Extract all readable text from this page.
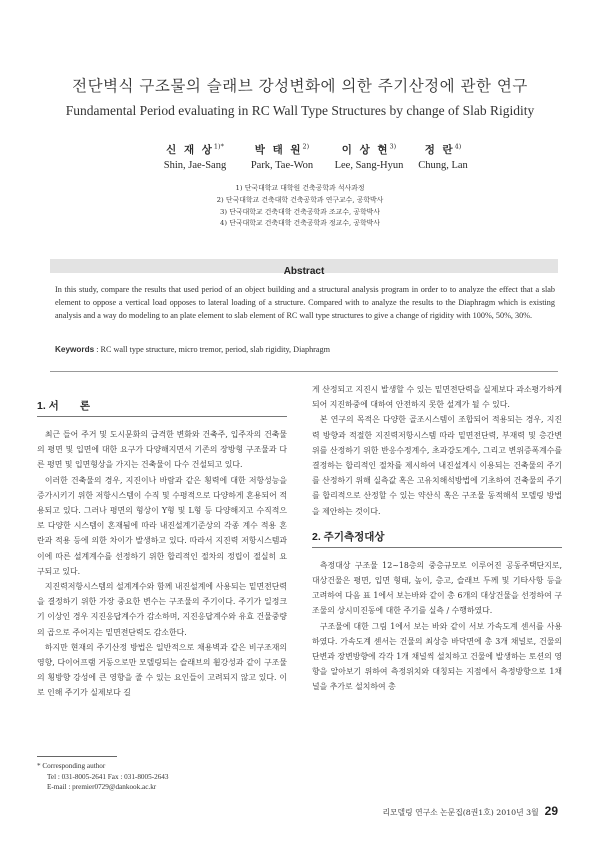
전단벽식 구조물의 슬래브 강성변화에 의한 주기산정에 관한 연구
Fundamental Period evaluating in RC Wall Type Structures by change of Slab Rigidity
신 재 상$^{1)*}$
Shin, Jae-Sang
박 태 원$^{2)}$
Park, Tae-Won
이 상 현$^{3)}$
Lee, Sang-Hyun
정 란$^{4)}$
Chung, Lan
1) 단국대학교 대학원 건축공학과 석사과정
2) 단국대학교 건축대학 건축공학과 연구교수, 공학박사
3) 단국대학교 건축대학 건축공학과 조교수, 공학박사
4) 단국대학교 건축대학 건축공학과 정교수, 공학박사
Abstract
In this study, compare the results that used period of an object building and a structural analysis program in order to to analyze the effect that a slab element to oppose a vertical load opposes to lateral loading of a structure. Compared with to analyze the results to the Diaphragm which is existing analysis and a way do modeling to an plate element to slab element of RC wall type structures to give a change of rigidity with 100%, 50%, 30%.
Keywords : RC wall type structure, micro tremor, period, slab rigidity, Diaphragm
1. 서　　론

최근 들어 주거 및 도시문화의 급격한 변화와 건축주, 입주자의 건축물의 평면 및 입면에 대한 요구가 다양해지면서 기존의 장방형 구조물과 다른 평면 및 입면형상을 가지는 건축물이 다수 건설되고 있다.

이러한 건축물의 경우, 지진이나 바람과 같은 횡력에 대한 저항성능을 증가시키기 위한 저항시스템이 수직 및 수평적으로 다양하게 혼용되어 적용되고 있다. 그러나 평면의 형상이 Y형 및 L형 등 다양해지고 수직적으로 다양한 시스템이 혼재됨에 따라 내진설계기준상의 각종 계수 적용 혼란과 적용 등에 의한 차이가 발생하고 있다. 따라서 지진력 저항시스템과 이에 따른 설계계수를 선정하기 위한 합리적인 절차의 정립이 절실히 요구되고 있다.

지진력저항시스템의 설계계수와 함께 내진설계에 사용되는 밑면전단력을 결정하기 위한 가장 중요한 변수는 구조물의 주기이다. 주기가 일정크기 이상인 경우 지진응답계수가 감소하며, 지진응답계수와 유효 건물중량의 곱으로 주어지는 밑면전단력도 감소한다.

하지만 현재의 주기산정 방법은 일반적으로 채용벽과 같은 비구조재의 영향, 다이어프램 거동으로만 모델링되는 슬래브의 휨강성과 같이 구조물의 횡방향 강성에 큰 영향을 줄 수 있는 요인들이 고려되지 않고 있다. 이로 인해 주기가 실제보다 길

게 산정되고 지진시 발생할 수 있는 밑면전단력을 실제보다 과소평가하게 되어 지진하중에 대하여 안전하지 못한 설계가 될 수 있다.

본 연구의 목적은 다양한 골조시스템이 조합되어 적용되는 경우, 지진력 방향과 적절한 지진력저항시스템 따라 밑면전단력, 부재력 및 층간변위를 산정하기 위한 반응수정계수, 초과강도계수, 그리고 변위증폭계수를 결정하는 합리적인 절차를 제시하여 내진설계시 이용되는 건축물의 주기를 산정하기 위해 실측값 혹은 고유치해석방법에 기초하여 건축물의 주기를 합리적으로 산정할 수 있는 약산식 혹은 구조물 동적해석 모델링 방법을 제안하는 것이다.

2. 주기측정대상

측정대상 구조물 12~18층의 중층규모로 이루어진 공동주택단지로, 대상건물은 평면, 입면 형태, 높이, 층고, 슬래브 두께 및 기타사항 등을 고려하여 다음 표 1에서 보는바와 같이 총 6개의 대상건물을 선정하여 구조물의 상시미진동에 대한 주기를 실측 / 수행하였다.

구조물에 대한 그림 1에서 보는 바와 같이 서보 가속도계 센서를 사용하였다. 가속도계 센서는 건물의 최상층 바닥면에 총 3개 채널로, 건물의 단변과 장변방향에 각각 1개 채널씩 설치하고 건물에 발생하는 토션의 영향을 알아보기 위하여 측정위치와 대칭되는 지점에서 측정방향으로 1채널을 추가로 설치하여 총

* Corresponding author
Tel : 031-8005-2641 Fax : 031-8005-2643
E-mail : premier0729@dankook.ac.kr
리모델링 연구소 논문집(8권1호) 2010년 3월 29
